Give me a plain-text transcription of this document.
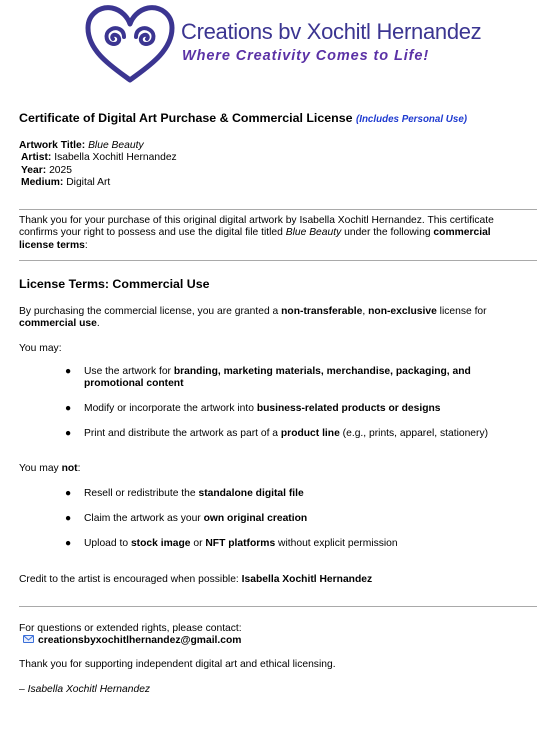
Creations bv Xochitl Hernandez
Where Creativity Comes to Life!
Certificate of Digital Art Purchase & Commercial License (Includes Personal Use)
Artwork Title: Blue Beauty
Artist: Isabella Xochitl Hernandez
Year: 2025
Medium: Digital Art
Thank you for your purchase of this original digital artwork by Isabella Xochitl Hernandez. This certificate confirms your right to possess and use the digital file titled Blue Beauty under the following commercial license terms:
License Terms: Commercial Use
By purchasing the commercial license, you are granted a non-transferable, non-exclusive license for commercial use.
You may:
You may not:
Credit to the artist is encouraged when possible: Isabella Xochitl Hernandez
For questions or extended rights, please contact:
creationsbyxochitlhernandez@gmail.com
Thank you for supporting independent digital art and ethical licensing.
– Isabella Xochitl Hernandez
● Use the artwork for branding, marketing materials, merchandise, packaging, and promotional content
● Modify or incorporate the artwork into business-related products or designs
● Print and distribute the artwork as part of a product line (e.g., prints, apparel, stationery)
● Resell or redistribute the standalone digital file
● Claim the artwork as your own original creation
● Upload to stock image or NFT platforms without explicit permission
